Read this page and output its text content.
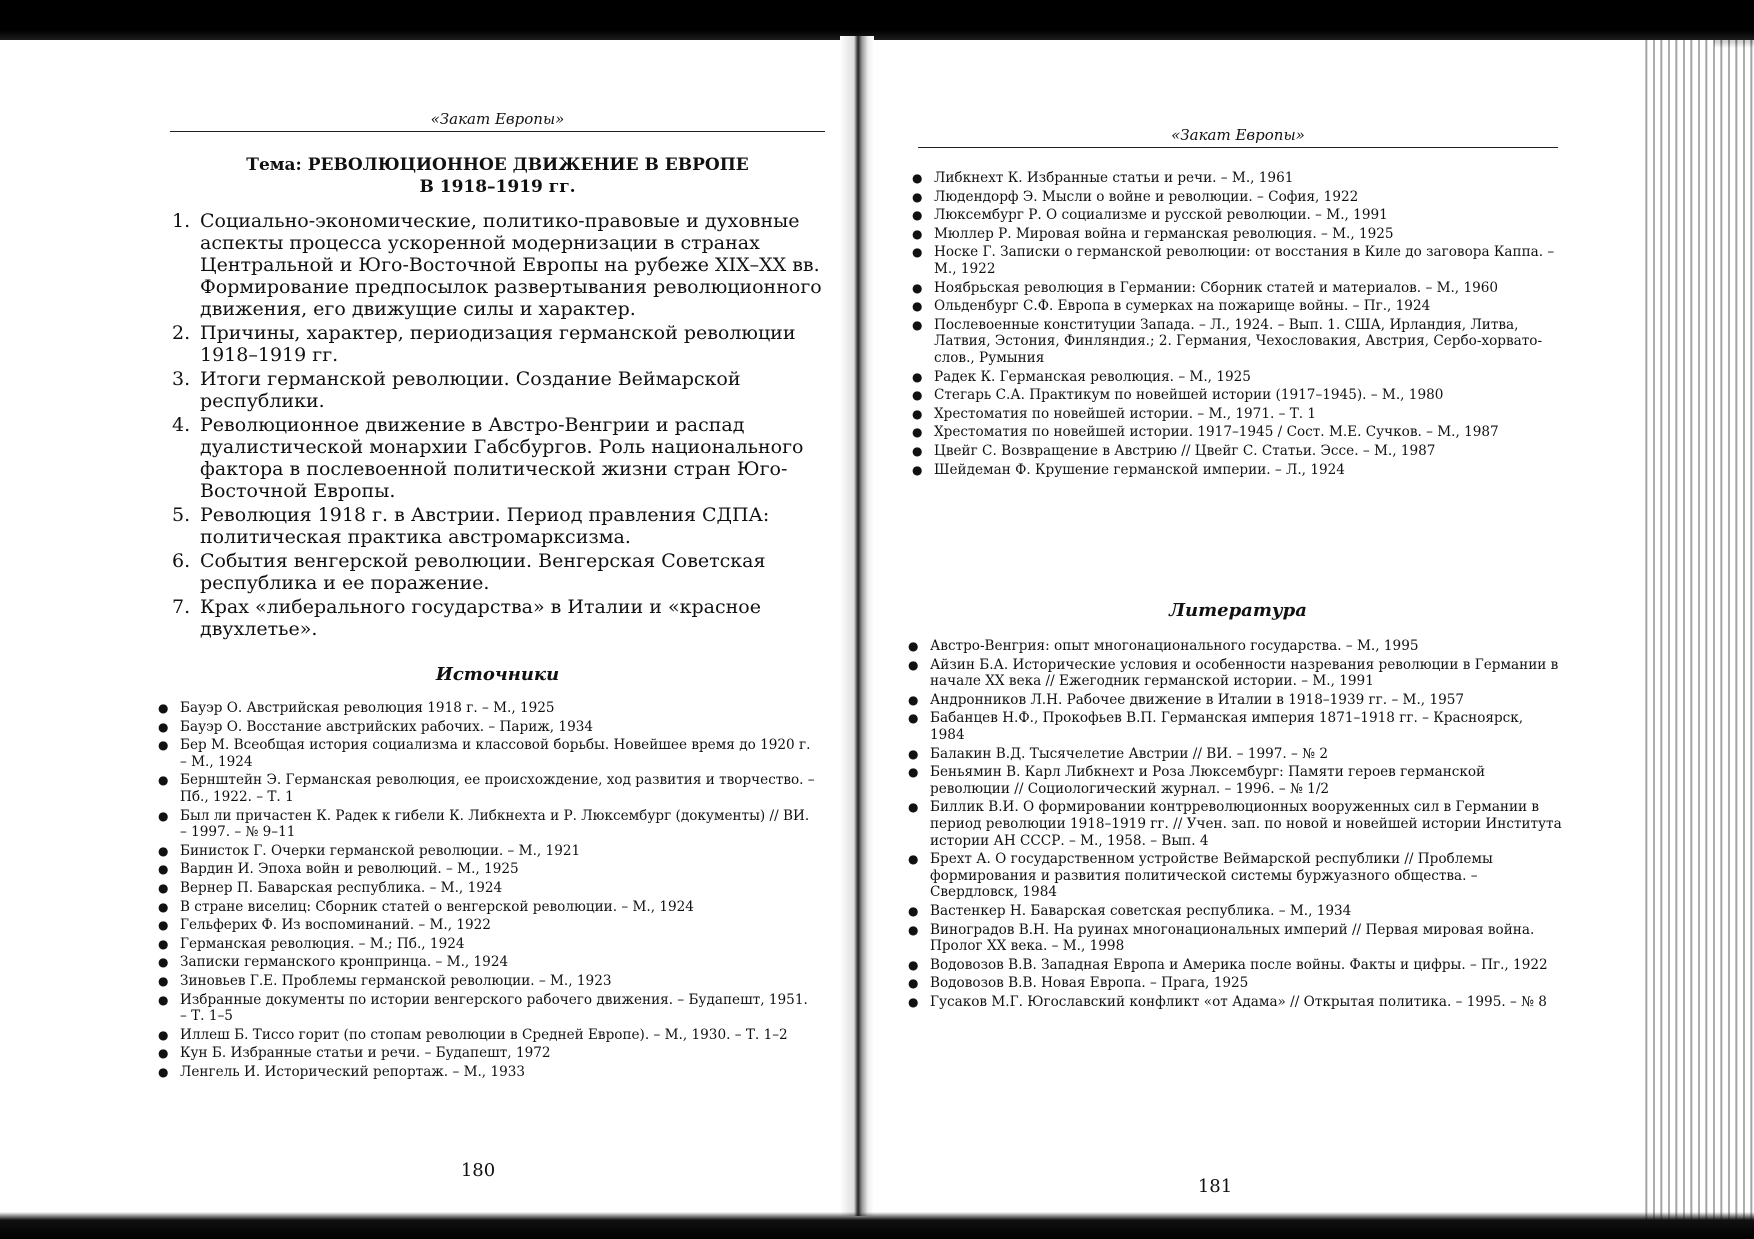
«Закат Европы»
Тема: РЕВОЛЮЦИОННОЕ ДВИЖЕНИЕ В ЕВРОПЕ
В 1918–1919 гг.
1. Социально-экономические, политико-правовые и духовные аспекты процесса ускоренной модернизации в странах Центральной и Юго-Восточной Европы на рубеже XIX–XX вв. Формирование предпосылок развертывания революционного движения, его движущие силы и характер.
2. Причины, характер, периодизация германской революции 1918–1919 гг.
3. Итоги германской революции. Создание Веймарской республики.
4. Революционное движение в Австро-Венгрии и распад дуалистической монархии Габсбургов. Роль национального фактора в послевоенной политической жизни стран Юго-Восточной Европы.
5. Революция 1918 г. в Австрии. Период правления СДПА: политическая практика австромарксизма.
6. События венгерской революции. Венгерская Советская республика и ее поражение.
7. Крах «либерального государства» в Италии и «красное двухлетье».
Источники
● Бауэр О. Австрийская революция 1918 г. – М., 1925
● Бауэр О. Восстание австрийских рабочих. – Париж, 1934
● Бер М. Всеобщая история социализма и классовой борьбы. Новейшее время до 1920 г. – М., 1924
● Бернштейн Э. Германская революция, ее происхождение, ход развития и творчество. – Пб., 1922. – Т. 1
● Был ли причастен К. Радек к гибели К. Либкнехта и Р. Люксембург (документы) // ВИ. – 1997. – № 9–11
● Бинисток Г. Очерки германской революции. – М., 1921
● Вардин И. Эпоха войн и революций. – М., 1925
● Вернер П. Баварская республика. – М., 1924
● В стране виселиц: Сборник статей о венгерской революции. – М., 1924
● Гельферих Ф. Из воспоминаний. – М., 1922
● Германская революция. – М.; Пб., 1924
● Записки германского кронпринца. – М., 1924
● Зиновьев Г.Е. Проблемы германской революции. – М., 1923
● Избранные документы по истории венгерского рабочего движения. – Будапешт, 1951. – Т. 1–5
● Иллеш Б. Тиссо горит (по стопам революции в Средней Европе). – М., 1930. – Т. 1–2
● Кун Б. Избранные статьи и речи. – Будапешт, 1972
● Ленгель И. Исторический репортаж. – М., 1933
180
«Закат Европы»
● Либкнехт К. Избранные статьи и речи. – М., 1961
● Людендорф Э. Мысли о войне и революции. – София, 1922
● Люксембург Р. О социализме и русской революции. – М., 1991
● Мюллер Р. Мировая война и германская революция. – М., 1925
● Носке Г. Записки о германской революции: от восстания в Киле до заговора Каппа. – М., 1922
● Ноябрьская революция в Германии: Сборник статей и материалов. – М., 1960
● Ольденбург С.Ф. Европа в сумерках на пожарище войны. – Пг., 1924
● Послевоенные конституции Запада. – Л., 1924. – Вып. 1. США, Ирландия, Литва, Латвия, Эстония, Финляндия.; 2. Германия, Чехословакия, Австрия, Сербо-хорвато-слов., Румыния
● Радек К. Германская революция. – М., 1925
● Стегарь С.А. Практикум по новейшей истории (1917–1945). – М., 1980
● Хрестоматия по новейшей истории. – М., 1971. – Т. 1
● Хрестоматия по новейшей истории. 1917–1945 / Сост. М.Е. Сучков. – М., 1987
● Цвейг С. Возвращение в Австрию // Цвейг С. Статьи. Эссе. – М., 1987
● Шейдеман Ф. Крушение германской империи. – Л., 1924
Литература
● Австро-Венгрия: опыт многонационального государства. – М., 1995
● Айзин Б.А. Исторические условия и особенности назревания революции в Германии в начале XX века // Ежегодник германской истории. – М., 1991
● Андронников Л.Н. Рабочее движение в Италии в 1918–1939 гг. – М., 1957
● Бабанцев Н.Ф., Прокофьев В.П. Германская империя 1871–1918 гг. – Красноярск, 1984
● Балакин В.Д. Тысячелетие Австрии // ВИ. – 1997. – № 2
● Беньямин В. Карл Либкнехт и Роза Люксембург: Памяти героев германской революции // Социологический журнал. – 1996. – № 1/2
● Биллик В.И. О формировании контрреволюционных вооруженных сил в Германии в период революции 1918–1919 гг. // Учен. зап. по новой и новейшей истории Института истории АН СССР. – М., 1958. – Вып. 4
● Брехт А. О государственном устройстве Веймарской республики // Проблемы формирования и развития политической системы буржуазного общества. – Свердловск, 1984
● Вастенкер Н. Баварская советская республика. – М., 1934
● Виноградов В.Н. На руинах многонациональных империй // Первая мировая война. Пролог XX века. – М., 1998
● Водовозов В.В. Западная Европа и Америка после войны. Факты и цифры. – Пг., 1922
● Водовозов В.В. Новая Европа. – Прага, 1925
● Гусаков М.Г. Югославский конфликт «от Адама» // Открытая политика. – 1995. – № 8
181
